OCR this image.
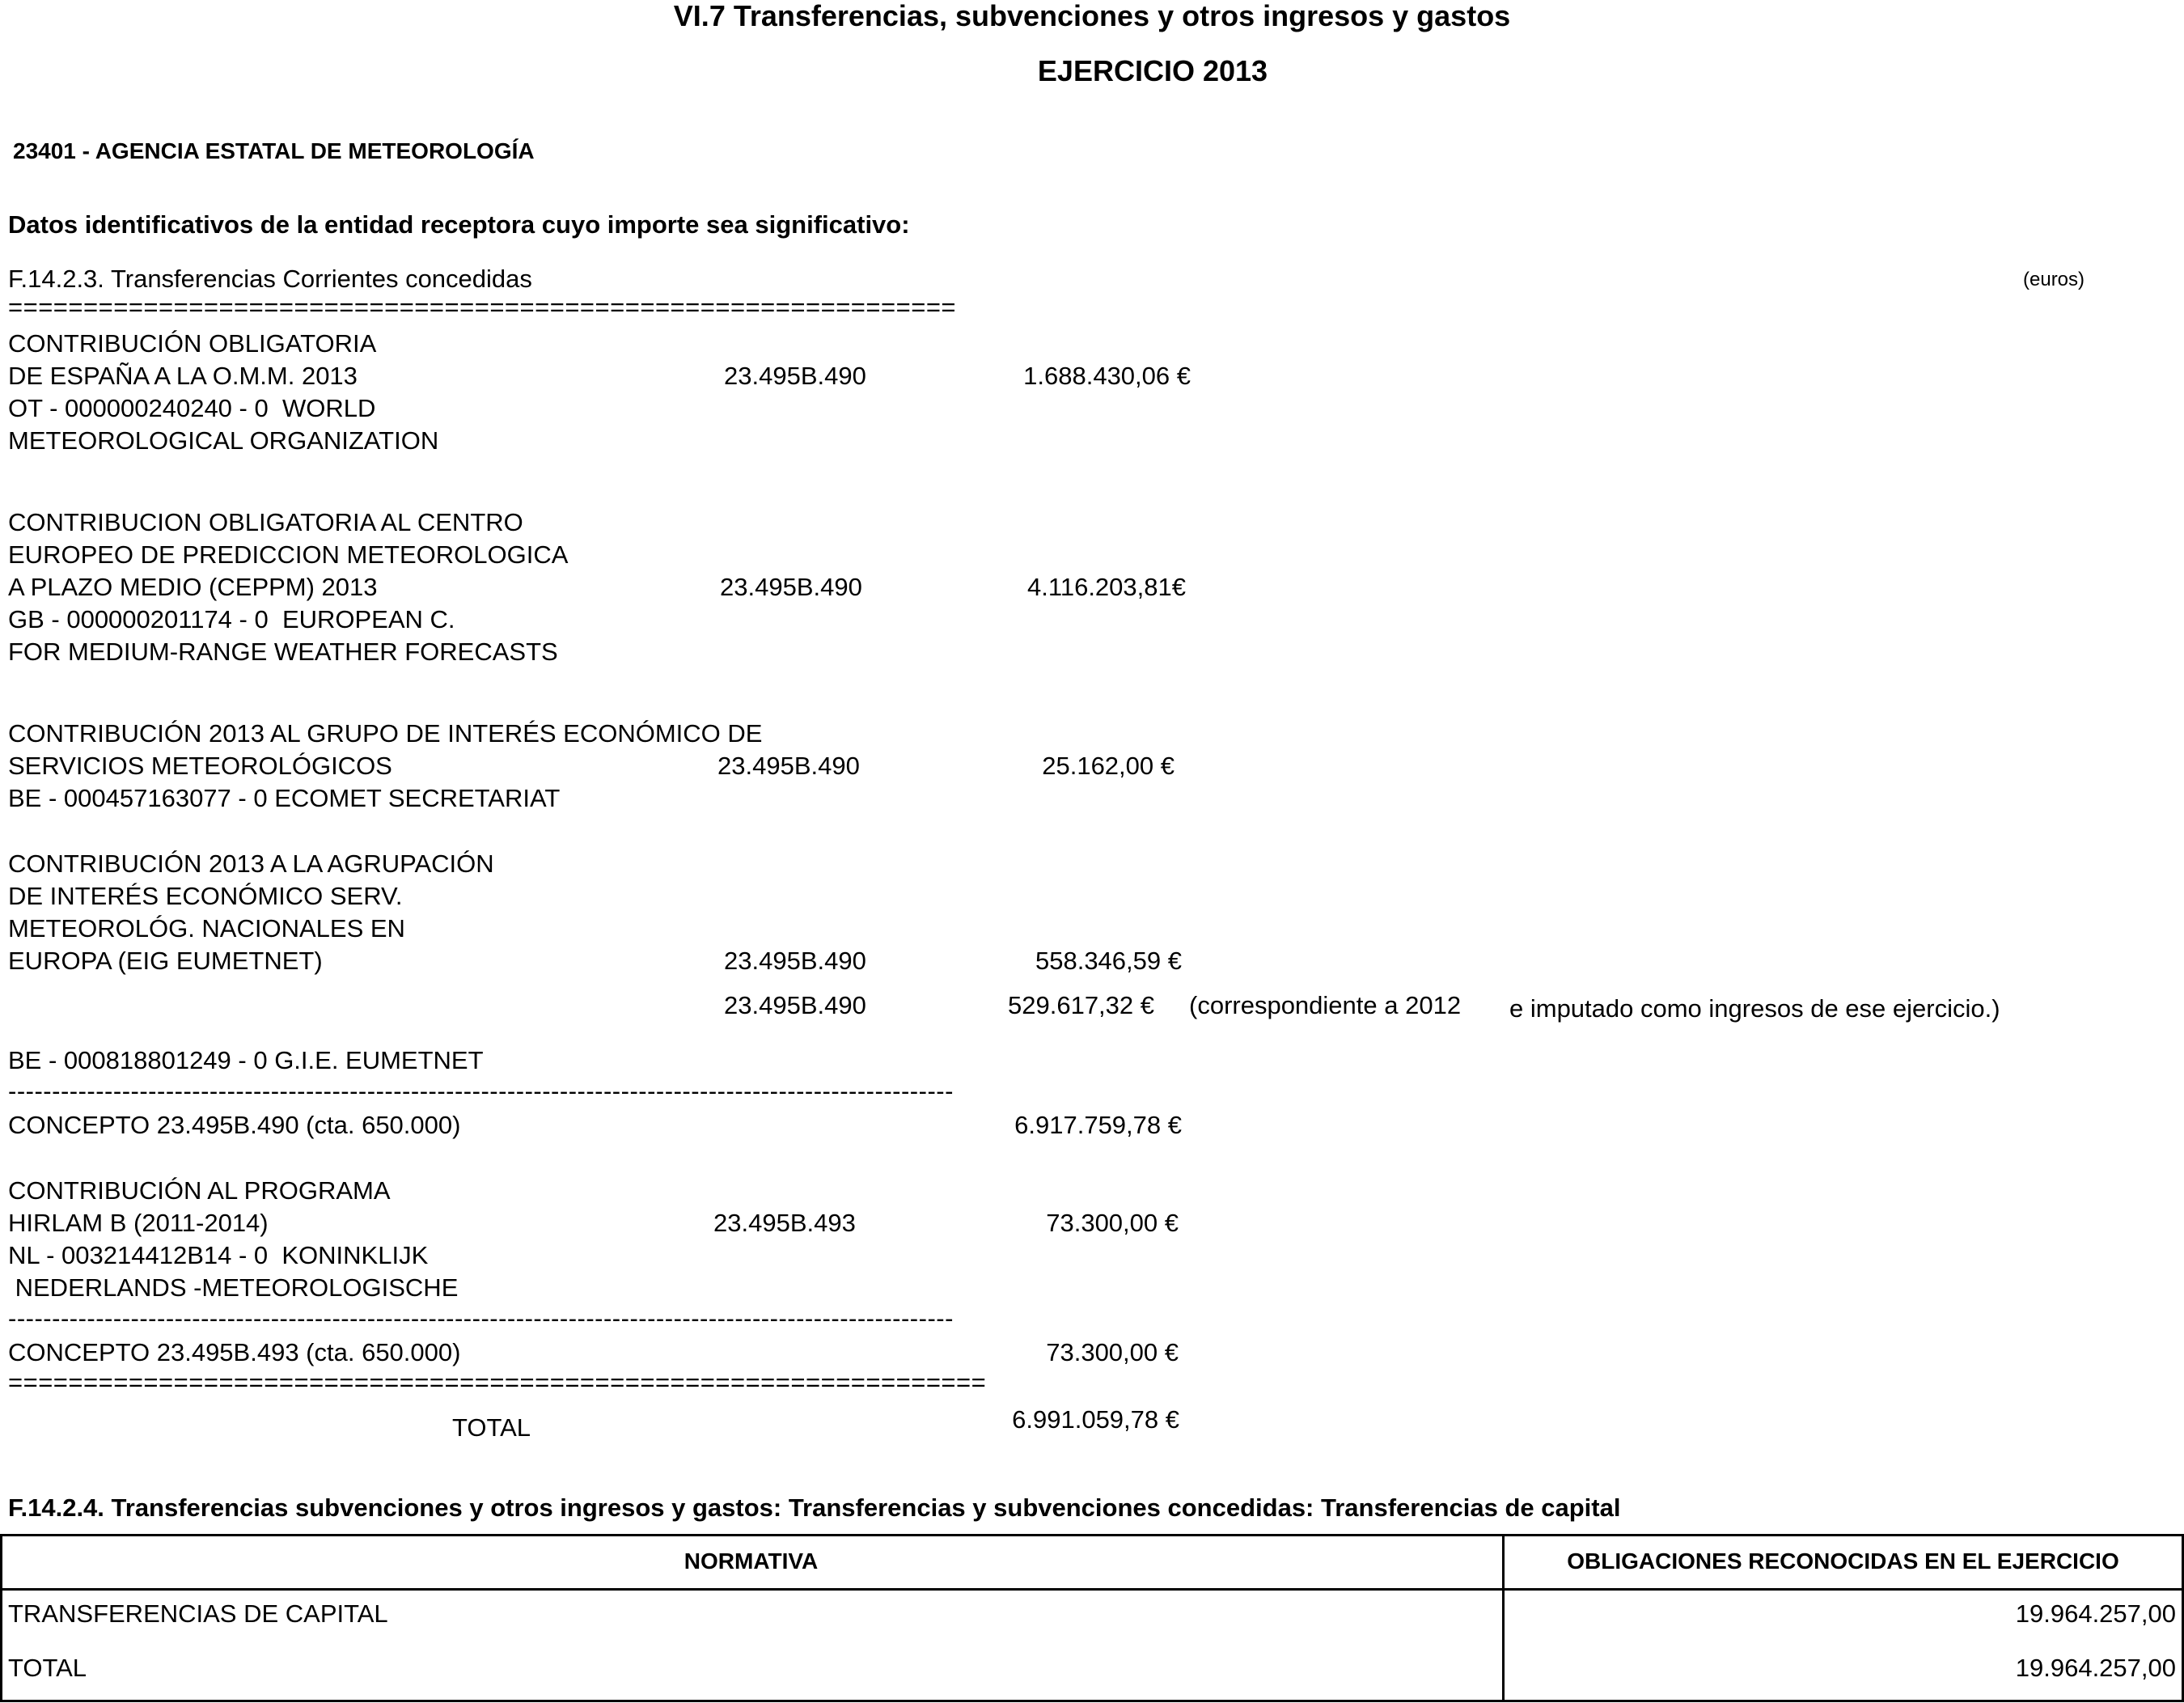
VI.7 Transferencias, subvenciones y otros ingresos y gastos
EJERCICIO 2013
23401 - AGENCIA ESTATAL DE METEOROLOGÍA
Datos identificativos de la entidad receptora cuyo importe sea significativo:
F.14.2.3. Transferencias Corrientes concedidas	(euros)
===============================================================
CONTRIBUCIÓN OBLIGATORIA
DE ESPAÑA A LA O.M.M. 2013
OT - 000000240240 - 0  WORLD
METEOROLOGICAL ORGANIZATION
23.495B.490	1.688.430,06 €
CONTRIBUCION OBLIGATORIA AL CENTRO
EUROPEO DE PREDICCION METEOROLOGICA
A PLAZO MEDIO (CEPPM) 2013
GB - 000000201174 - 0  EUROPEAN C.
FOR MEDIUM-RANGE WEATHER FORECASTS
23.495B.490	4.116.203,81€
CONTRIBUCIÓN 2013 AL GRUPO DE INTERÉS ECONÓMICO DE
SERVICIOS METEOROLÓGICOS
BE - 000457163077 - 0 ECOMET SECRETARIAT
23.495B.490	25.162,00 €
CONTRIBUCIÓN 2013 A LA AGRUPACIÓN
DE INTERÉS ECONÓMICO SERV.
METEOROLÓG. NACIONALES EN
EUROPA (EIG EUMETNET)	23.495B.490	558.346,59 €
23.495B.490	529.617,32 € (correspondiente a 2012 e imputado como ingresos de ese ejercicio.)
BE - 000818801249 - 0 G.I.E. EUMETNET
------------------------------------------------------------------------------------------------------------
CONCEPTO 23.495B.490 (cta. 650.000)	6.917.759,78 €
CONTRIBUCIÓN AL PROGRAMA
HIRLAM B (2011-2014)
NL - 003214412B14 - 0  KONINKLIJK
NEDERLANDS -METEOROLOGISCHE
23.495B.493	73.300,00 €
------------------------------------------------------------------------------------------------------------
CONCEPTO 23.495B.493 (cta. 650.000)	73.300,00 €
=================================================================
TOTAL	6.991.059,78 €
F.14.2.4. Transferencias subvenciones y otros ingresos y gastos: Transferencias y subvenciones concedidas: Transferencias de capital
NORMATIVA	OBLIGACIONES RECONOCIDAS EN EL EJERCICIO
TRANSFERENCIAS DE CAPITAL	19.964.257,00
TOTAL	19.964.257,00
